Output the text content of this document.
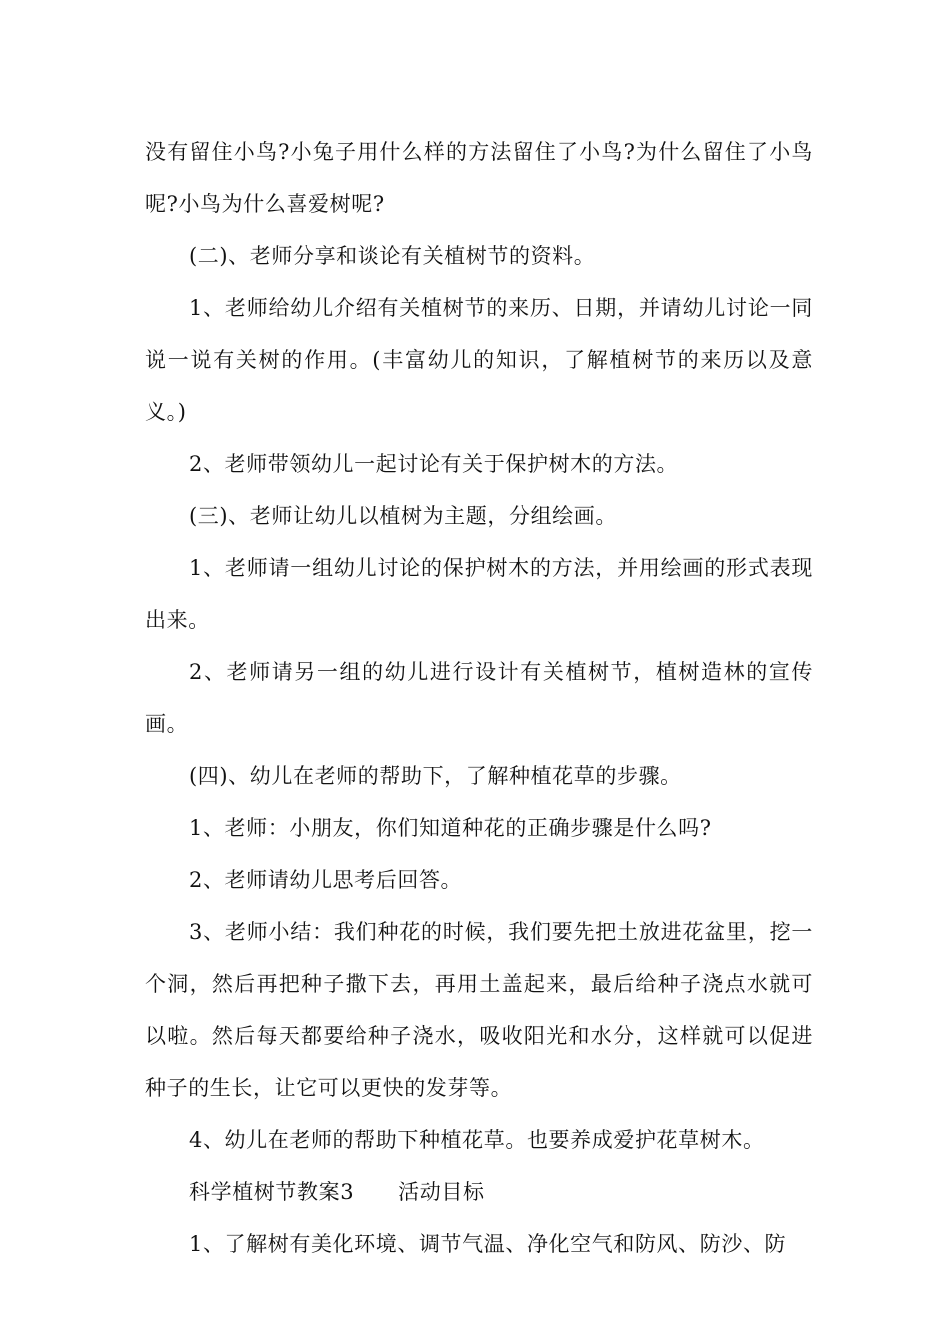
没有留住小鸟?小兔子用什么样的方法留住了小鸟?为什么留住了小鸟呢?小鸟为什么喜爱树呢?

(二)、老师分享和谈论有关植树节的资料。

1、老师给幼儿介绍有关植树节的来历、日期，并请幼儿讨论一同说一说有关树的作用。(丰富幼儿的知识，了解植树节的来历以及意义。)

2、老师带领幼儿一起讨论有关于保护树木的方法。

(三)、老师让幼儿以植树为主题，分组绘画。

1、老师请一组幼儿讨论的保护树木的方法，并用绘画的形式表现出来。

2、老师请另一组的幼儿进行设计有关植树节，植树造林的宣传画。

(四)、幼儿在老师的帮助下，了解种植花草的步骤。

1、老师：小朋友，你们知道种花的正确步骤是什么吗?

2、老师请幼儿思考后回答。

3、老师小结：我们种花的时候，我们要先把土放进花盆里，挖一个洞，然后再把种子撒下去，再用土盖起来，最后给种子浇点水就可以啦。然后每天都要给种子浇水，吸收阳光和水分，这样就可以促进种子的生长，让它可以更快的发芽等。

4、幼儿在老师的帮助下种植花草。也要养成爱护花草树木。

科学植树节教案3 活动目标

1、了解树有美化环境、调节气温、净化空气和防风、防沙、防
